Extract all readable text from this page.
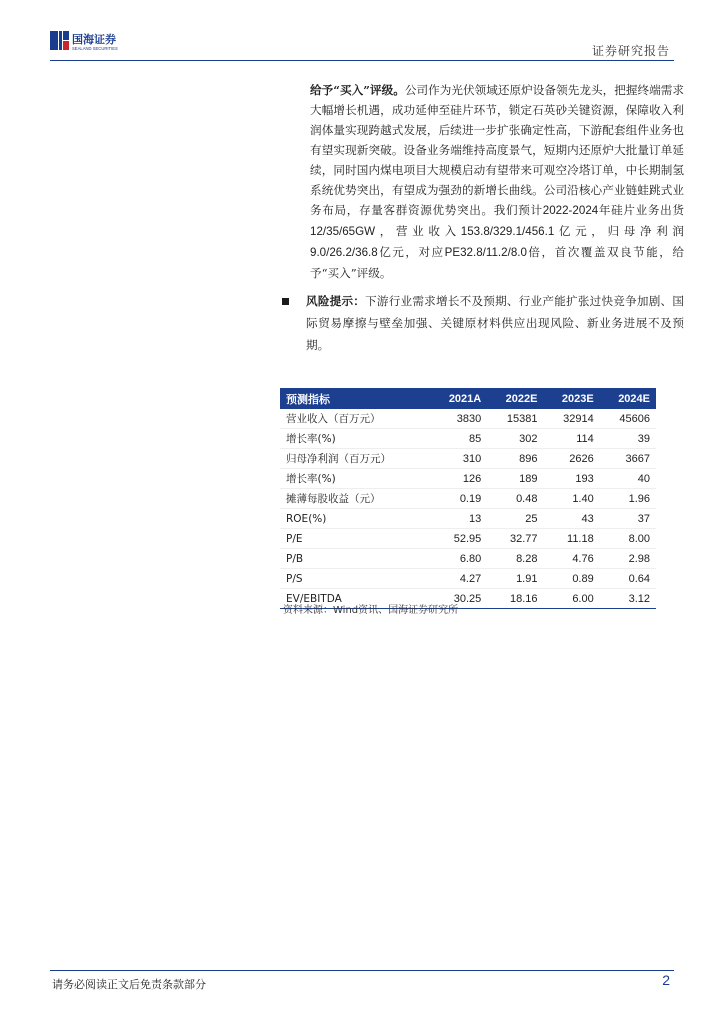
国海证券
SEALAND SECURITIES	证券研究报告
给予“买入”评级。公司作为光伏领域还原炉设备领先龙头，把握终端需求大幅增长机遇，成功延伸至硅片环节，锁定石英砂关键资源，保障收入利润体量实现跨越式发展，后续进一步扩张确定性高，下游配套组件业务也有望实现新突破。设备业务端维持高度景气，短期内还原炉大批量订单延续，同时国内煤电项目大规模启动有望带来可观空冷塔订单，中长期制氢系统优势突出，有望成为强劲的新增长曲线。公司沿核心产业链蛙跳式业务布局，存量客群资源优势突出。我们预计2022-2024年硅片业务出货12/35/65GW，营业收入153.8/329.1/456.1亿元，归母净利润9.0/26.2/36.8亿元，对应PE32.8/11.2/8.0倍，首次覆盖双良节能，给予“买入”评级。
风险提示：下游行业需求增长不及预期、行业产能扩张过快竞争加剧、国际贸易摩擦与壁垒加强、关键原材料供应出现风险、新业务进展不及预期。
预测指标	2021A	2022E	2023E	2024E
营业收入（百万元）	3830	15381	32914	45606
增长率(%)	85	302	114	39
归母净利润（百万元）	310	896	2626	3667
增长率(%)	126	189	193	40
摊薄每股收益（元）	0.19	0.48	1.40	1.96
ROE(%)	13	25	43	37
P/E	52.95	32.77	11.18	8.00
P/B	6.80	8.28	4.76	2.98
P/S	4.27	1.91	0.89	0.64
EV/EBITDA	30.25	18.16	6.00	3.12
资料来源：Wind资讯、国海证券研究所
请务必阅读正文后免责条款部分	2
